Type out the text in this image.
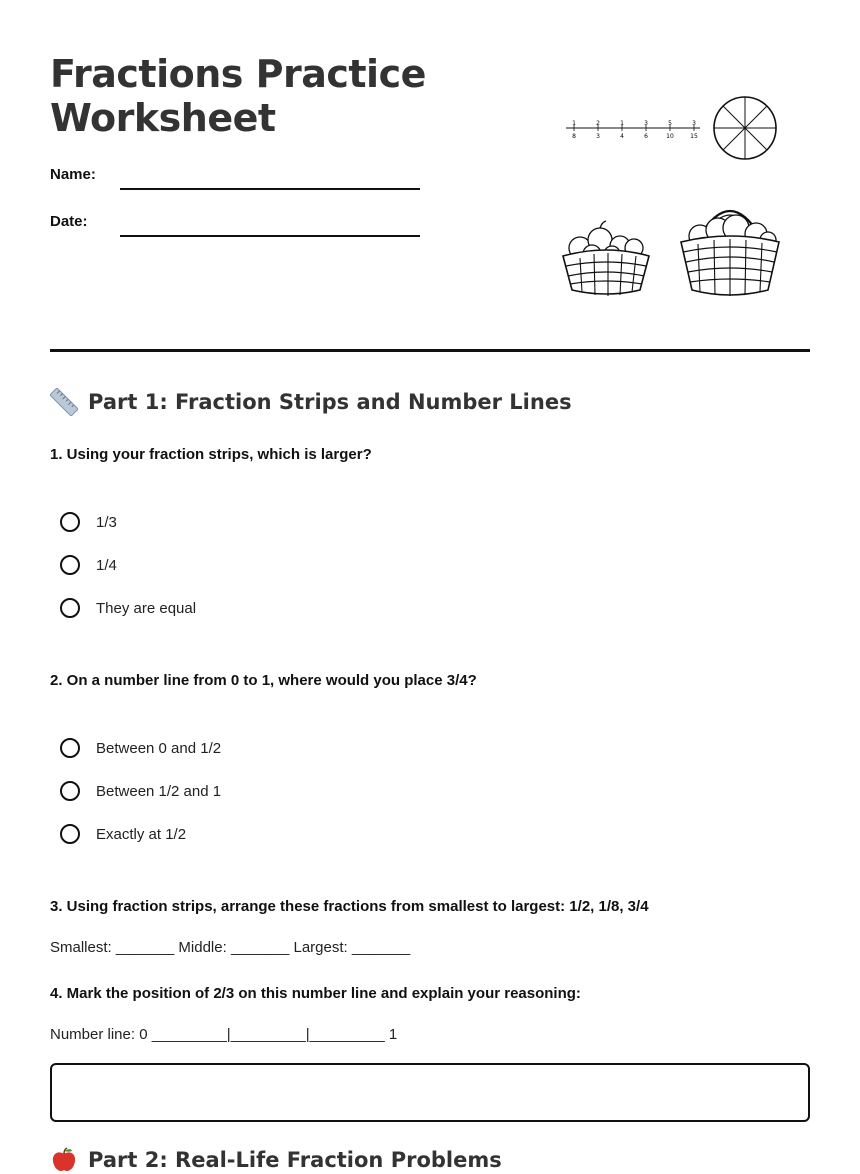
Fractions Practice
Worksheet
Name:
Date:
1
8
2
3
1
4
3
6
5
10
3
15
Part 1: Fraction Strips and Number Lines

1. Using your fraction strips, which is larger?

1/3
1/4
They are equal

2. On a number line from 0 to 1, where would you place 3/4?

Between 0 and 1/2
Between 1/2 and 1
Exactly at 1/2

3. Using fraction strips, arrange these fractions from smallest to largest: 1/2, 1/8, 3/4

Smallest: _______ Middle: _______ Largest: _______

4. Mark the position of 2/3 on this number line and explain your reasoning:

Number line: 0 _________|_________|_________ 1
Part 2: Real-Life Fraction Problems
